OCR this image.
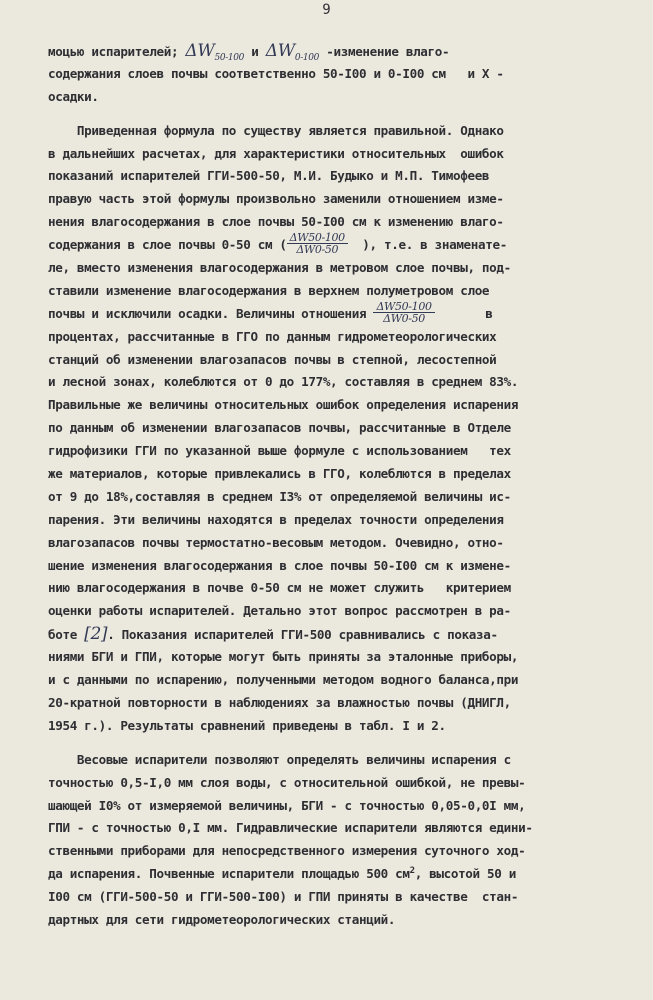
9
моцью испарителей; $\Delta W_{50-100}$ и $\Delta W_{0-100}$ -изменение влаго-
содержания слоев почвы соответственно 50-I00 и 0-I00 см   и X -
осадки.
Приведенная формула по существу является правильной. Однако
в дальнейших расчетах, для характеристики относительных  ошибок
показаний испарителей ГГИ-500-50, М.И. Будыко и М.П. Тимофеев
правую часть этой формулы произвольно заменили отношением изме-
нения влагосодержания в слое почвы 50-I00 см к изменению влаго-
содержания в слое почвы 0-50 см ( $\frac{\Delta W50-100}{\Delta W0-50}$ ), т.е. в знаменате-
ле, вместо изменения влагосодержания в метровом слое почвы, под-
ставили изменение влагосодержания в верхнем полуметровом слое
почвы и исключили осадки. Величины отношения $\frac{\Delta W50-100}{\Delta W0-50}$ в
процентах, рассчитанные в ГГО по данным гидрометеорологических
станций об изменении влагозапасов почвы в степной, лесостепной
и лесной зонах, колеблются от 0 до 177%, составляя в среднем 83%.
Правильные же величины относительных ошибок определения испарения
по данным об изменении влагозапасов почвы, рассчитанные в Отделе
гидрофизики ГГИ по указанной выше формуле с использованием   тех
же материалов, которые привлекались в ГГО, колеблются в пределах
от 9 до 18%,составляя в среднем I3% от определяемой величины ис-
парения. Эти величины находятся в пределах точности определения
влагозапасов почвы термостатно-весовым методом. Очевидно, отно-
шение изменения влагосодержания в слое почвы 50-I00 см к измене-
нию влагосодержания в почве 0-50 см не может служить   критерием
оценки работы испарителей. Детально этот вопрос рассмотрен в ра-
боте [2]. Показания испарителей ГГИ-500 сравнивались с показа-
ниями БГИ и ГПИ, которые могут быть приняты за эталонные приборы,
и с данными по испарению, полученными методом водного баланса,при
20-кратной повторности в наблюдениях за влажностью почвы (ДНИГЛ,
1954 г.). Результаты сравнений приведены в табл. I и 2.
Весовые испарители позволяют определять величины испарения с
точностью 0,5-I,0 мм слоя воды, с относительной ошибкой, не превы-
шающей I0% от измеряемой величины, БГИ - с точностью 0,05-0,0I мм,
ГПИ - с точностью 0,I мм. Гидравлические испарители являются едини-
ственными приборами для непосредственного измерения суточного ход-
да испарения. Почвенные испарители площадью 500 $см^2$, высотой 50 и
I00 см (ГГИ-500-50 и ГГИ-500-I00) и ГПИ приняты в качестве  стан-
дартных для сети гидрометеорологических станций.
